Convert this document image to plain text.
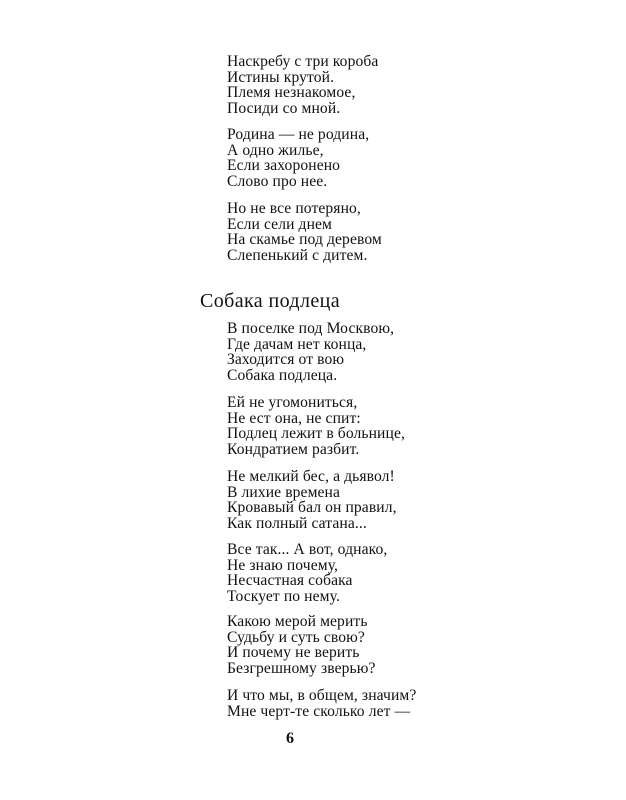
Наскребу с три короба
Истины крутой.
Племя незнакомое,
Посиди со мной.
Родина — не родина,
А одно жилье,
Если захоронено
Слово про нее.
Но не все потеряно,
Если сели днем
На скамье под деревом
Слепенький с дитем.
Собака подлеца
В поселке под Москвою,
Где дачам нет конца,
Заходится от вою
Собака подлеца.
Ей не угомониться,
Не ест она, не спит:
Подлец лежит в больнице,
Кондратием разбит.
Не мелкий бес, а дьявол!
В лихие времена
Кровавый бал он правил,
Как полный сатана...
Все так... А вот, однако,
Не знаю почему,
Несчастная собака
Тоскует по нему.
Какою мерой мерить
Судьбу и суть свою?
И почему не верить
Безгрешному зверью?
И что мы, в общем, значим?
Мне черт-те сколько лет —
6
